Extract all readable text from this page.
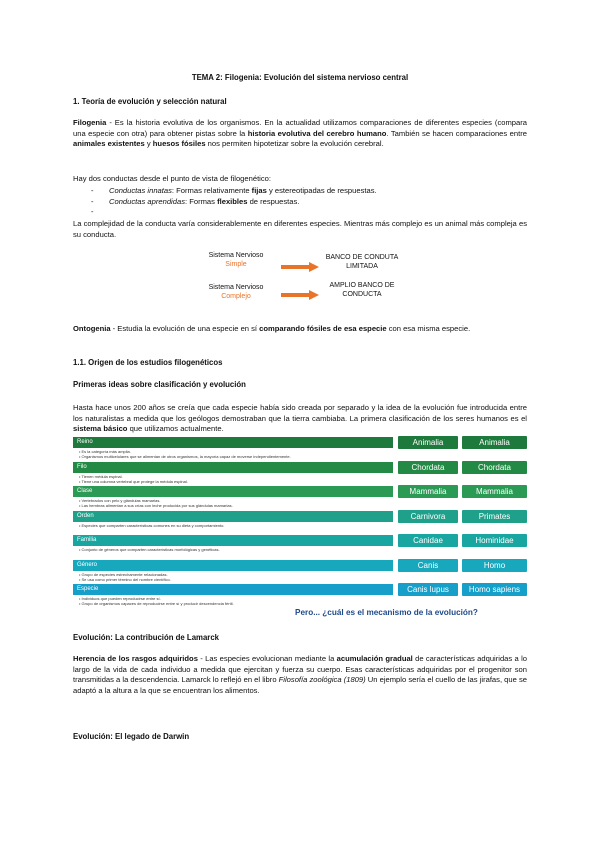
TEMA 2: Filogenia: Evolución del sistema nervioso central

1. Teoría de evolución y selección natural

Filogenia - Es la historia evolutiva de los organismos. En la actualidad utilizamos comparaciones de diferentes especies (compara una especie con otra) para obtener pistas sobre la historia evolutiva del cerebro humano. También se hacen comparaciones entre animales existentes y huesos fósiles nos permiten hipotetizar sobre la evolución cerebral.

Hay dos conductas desde el punto de vista de filogenético:

- Conductas innatas: Formas relativamente fijas y estereotipadas de respuestas.
- Conductas aprendidas: Formas flexibles de respuestas.
-

La complejidad de la conducta varía considerablemente en diferentes especies. Mientras más complejo es un animal más compleja es su conducta.

Sistema Nervioso
Simple
BANCO DE CONDUTA LIMITADA
Sistema Nervioso
Complejo
AMPLIO BANCO DE CONDUCTA

Ontogenia - Estudia la evolución de una especie en sí comparando fósiles de esa especie con esa misma especie.

1.1. Origen de los estudios filogenéticos

Primeras ideas sobre clasificación y evolución

Hasta hace unos 200 años se creía que cada especie había sido creada por separado y la idea de la evolución fue introducida entre los naturalistas a medida que los geólogos demostraban que la tierra cambiaba. La primera clasificación de los seres humanos es el sistema básico que utilizamos actualmente.

Pero... ¿cuál es el mecanismo de la evolución?
Reino
• Es la categoría más amplia.
• Organismos multicelulares que se alimentan de otros organismos, la mayoría capaz de moverse independientemente.
Animalia	Animalia
Filo
• Tienen médula espinal.
• Tiene una columna vertebral que protege la médula espinal.
Chordata	Chordata
Clase
• Vertebrados con pelo y glándulas mamarias.
• Las hembras alimentan a sus crías con leche producida por sus glándulas mamarias.
Mammalia	Mammalia
Orden
• Especies que comparten características comunes en su dieta y comportamiento.
Carnivora	Primates
Familia
• Conjunto de géneros que comparten características morfológicas y genéticas.
Canidae	Hominidae
Género
• Grupo de especies estrechamente relacionadas.
• Se usa como primer término del nombre científico.
Canis	Homo
Especie
• Individuos que pueden reproducirse entre sí.
• Grupo de organismos capaces de reproducirse entre sí y producir descendencia fértil.
Canis lupus	Homo sapiens

Evolución: La contribución de Lamarck

Herencia de los rasgos adquiridos - Las especies evolucionan mediante la acumulación gradual de características adquiridas a lo largo de la vida de cada individuo a medida que ejercitan y fuerza su cuerpo. Esas características adquiridas por el progenitor son transmitidas a la descendencia. Lamarck lo reflejó en el libro Filosofía zoológica (1809) Un ejemplo sería el cuello de las jirafas, que se adaptó a la altura a la que se encuentran los alimentos.

Evolución: El legado de Darwin
